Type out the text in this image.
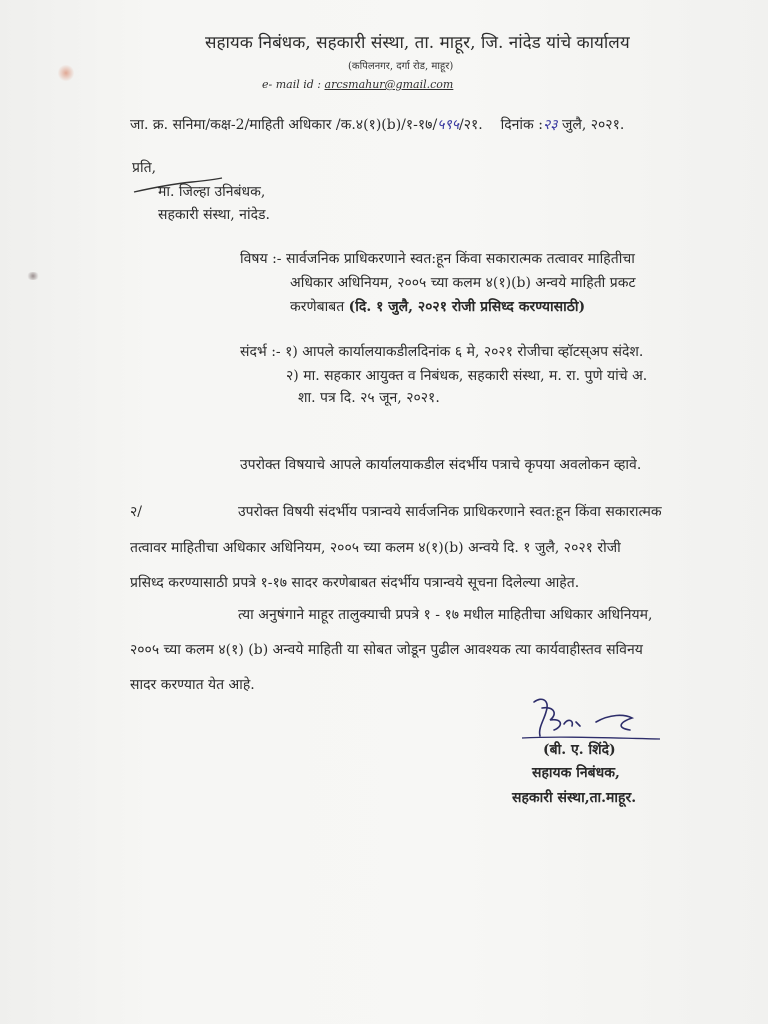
सहायक निबंधक, सहकारी संस्था, ता. माहूर, जि. नांदेड यांचे कार्यालय
(कपिलनगर, दर्गा रोड, माहूर)
e- mail id : arcsmahur@gmail.com
जा. क्र. सनिमा/कक्ष-2/माहिती अधिकार /क.४(१)(b)/१-१७/५९५/२१. दिनांक :२३ जुलै, २०२१.
प्रति,
मा. जिल्हा उनिबंधक,
सहकारी संस्था, नांदेड.
विषय :- सार्वजनिक प्राधिकरणाने स्वत:हून किंवा सकारात्मक तत्वावर माहितीचा
अधिकार अधिनियम, २००५ च्या कलम ४(१)(b) अन्वये माहिती प्रकट
करणेबाबत (दि. १ जुलै, २०२१ रोजी प्रसिध्द करण्यासाठी)
संदर्भ :- १) आपले कार्यालयाकडीलदिनांक ६ मे, २०२१ रोजीचा व्हॉटस्अप संदेश.
२) मा. सहकार आयुक्त व निबंधक, सहकारी संस्था, म. रा. पुणे यांचे अ.
शा. पत्र दि. २५ जून, २०२१.
उपरोक्त विषयाचे आपले कार्यालयाकडील संदर्भीय पत्राचे कृपया अवलोकन व्हावे.
२/	उपरोक्त विषयी संदर्भीय पत्रान्वये सार्वजनिक प्राधिकरणाने स्वत:हून किंवा सकारात्मक
तत्वावर माहितीचा अधिकार अधिनियम, २००५ च्या कलम ४(१)(b) अन्वये दि. १ जुलै, २०२१ रोजी
प्रसिध्द करण्यासाठी प्रपत्रे १-१७ सादर करणेबाबत संदर्भीय पत्रान्वये सूचना दिलेल्या आहेत.
त्या अनुषंगाने माहूर तालुक्याची प्रपत्रे १ - १७ मधील माहितीचा अधिकार अधिनियम,
२००५ च्या कलम ४(१) (b) अन्वये माहिती या सोबत जोडून पुढील आवश्यक त्या कार्यवाहीस्तव सविनय
सादर करण्यात येत आहे.
(बी. ए. शिंदे)
सहायक निबंधक,
सहकारी संस्था,ता.माहूर.
